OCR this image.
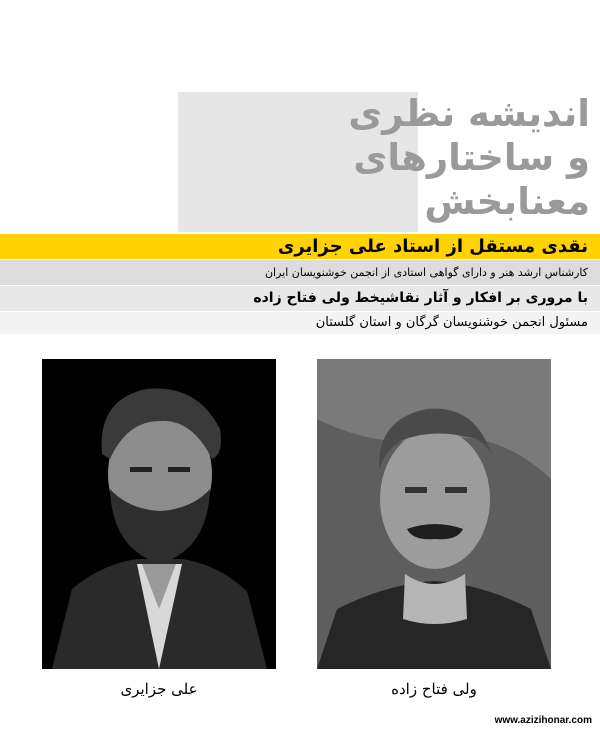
اندیشه نظری
و ساختارهای
معنابخش
نقدی مستقل از استاد علی جزایری
کارشناس ارشد هنر و دارای گواهی استادی از انجمن خوشنویسان ایران
با مروری بر افکار و آثار نقاشیخط ولی فتاح زاده
مسئول انجمن خوشنویسان گرگان و استان گلستان
علی جزایری	ولی فتاح زاده
www.azizihonar.com
